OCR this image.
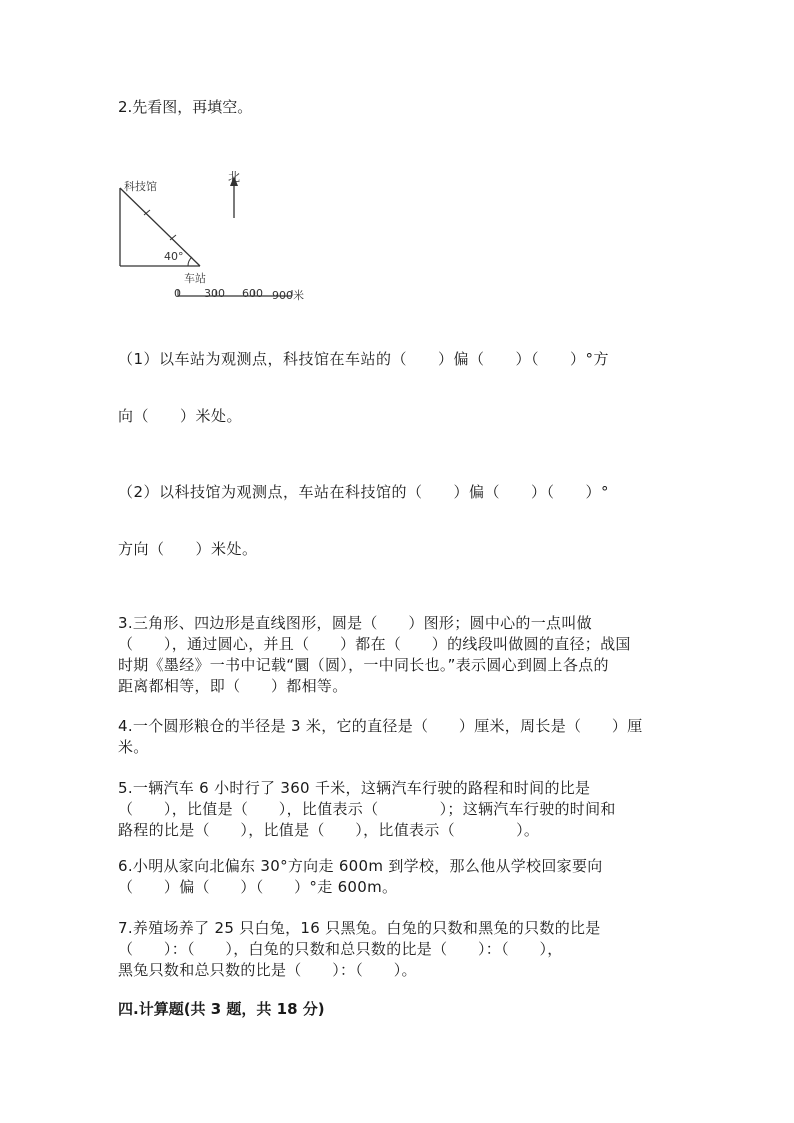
2.先看图，再填空。
科技馆
北
40°
车站
0 300 600 900米
（1）以车站为观测点，科技馆在车站的（　　）偏（　　）（　　）°方
向（　　）米处。
（2）以科技馆为观测点，车站在科技馆的（　　）偏（　　）（　　）°
方向（　　）米处。
3.三角形、四边形是直线图形，圆是（　　）图形；圆中心的一点叫做
（　　），通过圆心，并且（　　）都在（　　）的线段叫做圆的直径；战国
时期《墨经》一书中记载“圜（圆），一中同长也。”表示圆心到圆上各点的
距离都相等，即（　　）都相等。
4.一个圆形粮仓的半径是 3 米，它的直径是（　　）厘米，周长是（　　）厘
米。
5.一辆汽车 6 小时行了 360 千米，这辆汽车行驶的路程和时间的比是
（　　），比值是（　　），比值表示（　　　　）；这辆汽车行驶的时间和
路程的比是（　　），比值是（　　），比值表示（　　　　）。
6.小明从家向北偏东 30°方向走 600m 到学校，那么他从学校回家要向
（　　）偏（　　）（　　）°走 600m。
7.养殖场养了 25 只白兔，16 只黑兔。白兔的只数和黑兔的只数的比是
（　　）：（　　），白兔的只数和总只数的比是（　　）：（　　），
黑兔只数和总只数的比是（　　）：（　　）。
四.计算题(共 3 题，共 18 分)
